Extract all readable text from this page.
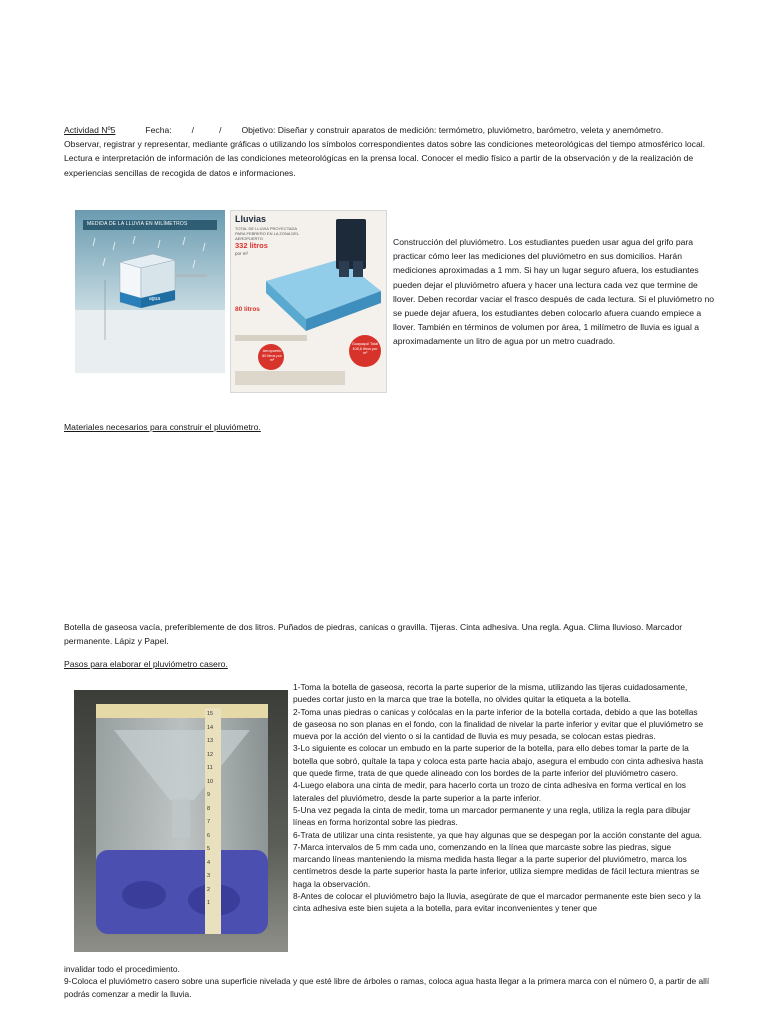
Actividad Nº5	Fecha: /	/ Objetivo: Diseñar y construir aparatos de medición: termómetro, pluviómetro, barómetro, veleta y anemómetro.

Observar, registrar y representar, mediante gráficas o utilizando los símbolos correspondientes datos sobre las condiciones meteorológicas del tiempo atmosférico local. Lectura e interpretación de información de las condiciones meteorológicas en la prensa local. Conocer el medio físico a partir de la observación y de la realización de experiencias sencillas de recogida de datos e informaciones.

MEDIDA DE LA LLUVIA EN MILÍMETROS
agua
Lluvias
TOTAL DE LLUVIA PROYECTADA PARA FEBRERO EN LA ZONA DEL AEROPUERTO
332 litros
por m²
80 litros
Aeropuerto 80 litros por m²
Guayaquil Total 108,6 litros por m²

Construcción del pluviómetro. Los estudiantes pueden usar agua del grifo para practicar cómo leer las mediciones del pluviómetro en sus domicilios. Harán mediciones aproximadas a 1 mm. Si hay un lugar seguro afuera, los estudiantes pueden dejar el pluviómetro afuera y hacer una lectura cada vez que termine de llover. Deben recordar vaciar el frasco después de cada lectura. Si el pluviómetro no se puede dejar afuera, los estudiantes deben colocarlo afuera cuando empiece a llover. También en términos de volumen por área, 1 milímetro de lluvia es igual a aproximadamente un litro de agua por un metro cuadrado.

Materiales necesarios para construir el pluviómetro.

Botella de gaseosa vacía, preferiblemente de dos litros. Puñados de piedras, canicas o gravilla. Tijeras. Cinta adhesiva. Una regla. Agua. Clima lluvioso. Marcador permanente. Lápiz y Papel.

Pasos para elaborar el pluviómetro casero.

15
14
13
12
11
10
9
8
7
6
5
4
3
2
1

1-Toma la botella de gaseosa, recorta la parte superior de la misma, utilizando las tijeras cuidadosamente, puedes cortar justo en la marca que trae la botella, no olvides quitar la etiqueta a la botella.

2-Toma unas piedras o canicas y colócalas en la parte inferior de la botella cortada, debido a que las botellas de gaseosa no son planas en el fondo, con la finalidad de nivelar la parte inferior y evitar que el pluviómetro se mueva por la acción del viento o si la cantidad de lluvia es muy pesada, se colocan estas piedras.

3-Lo siguiente es colocar un embudo en la parte superior de la botella, para ello debes tomar la parte de la botella que sobró, quítale la tapa y coloca esta parte hacia abajo, asegura el embudo con cinta adhesiva hasta que quede firme, trata de que quede alineado con los bordes de la parte inferior del pluviómetro casero.

4-Luego elabora una cinta de medir, para hacerlo corta un trozo de cinta adhesiva en forma vertical en los laterales del pluviómetro, desde la parte superior a la parte inferior.

5-Una vez pegada la cinta de medir, toma un marcador permanente y una regla, utiliza la regla para dibujar líneas en forma horizontal sobre las piedras.

6-Trata de utilizar una cinta resistente, ya que hay algunas que se despegan por la acción constante del agua.

7-Marca intervalos de 5 mm cada uno, comenzando en la línea que marcaste sobre las piedras, sigue marcando líneas manteniendo la misma medida hasta llegar a la parte superior del pluviómetro, marca los centímetros desde la parte superior hasta la parte inferior, utiliza siempre medidas de fácil lectura mientras se haga la observación.

8-Antes de colocar el pluviómetro bajo la lluvia, asegúrate de que el marcador permanente este bien seco y la cinta adhesiva este bien sujeta a la botella, para evitar inconvenientes y tener que

invalidar todo el procedimiento.

9-Coloca el pluviómetro casero sobre una superficie nivelada y que esté libre de árboles o ramas, coloca agua hasta llegar a la primera marca con el número 0, a partir de allí podrás comenzar a medir la lluvia.
